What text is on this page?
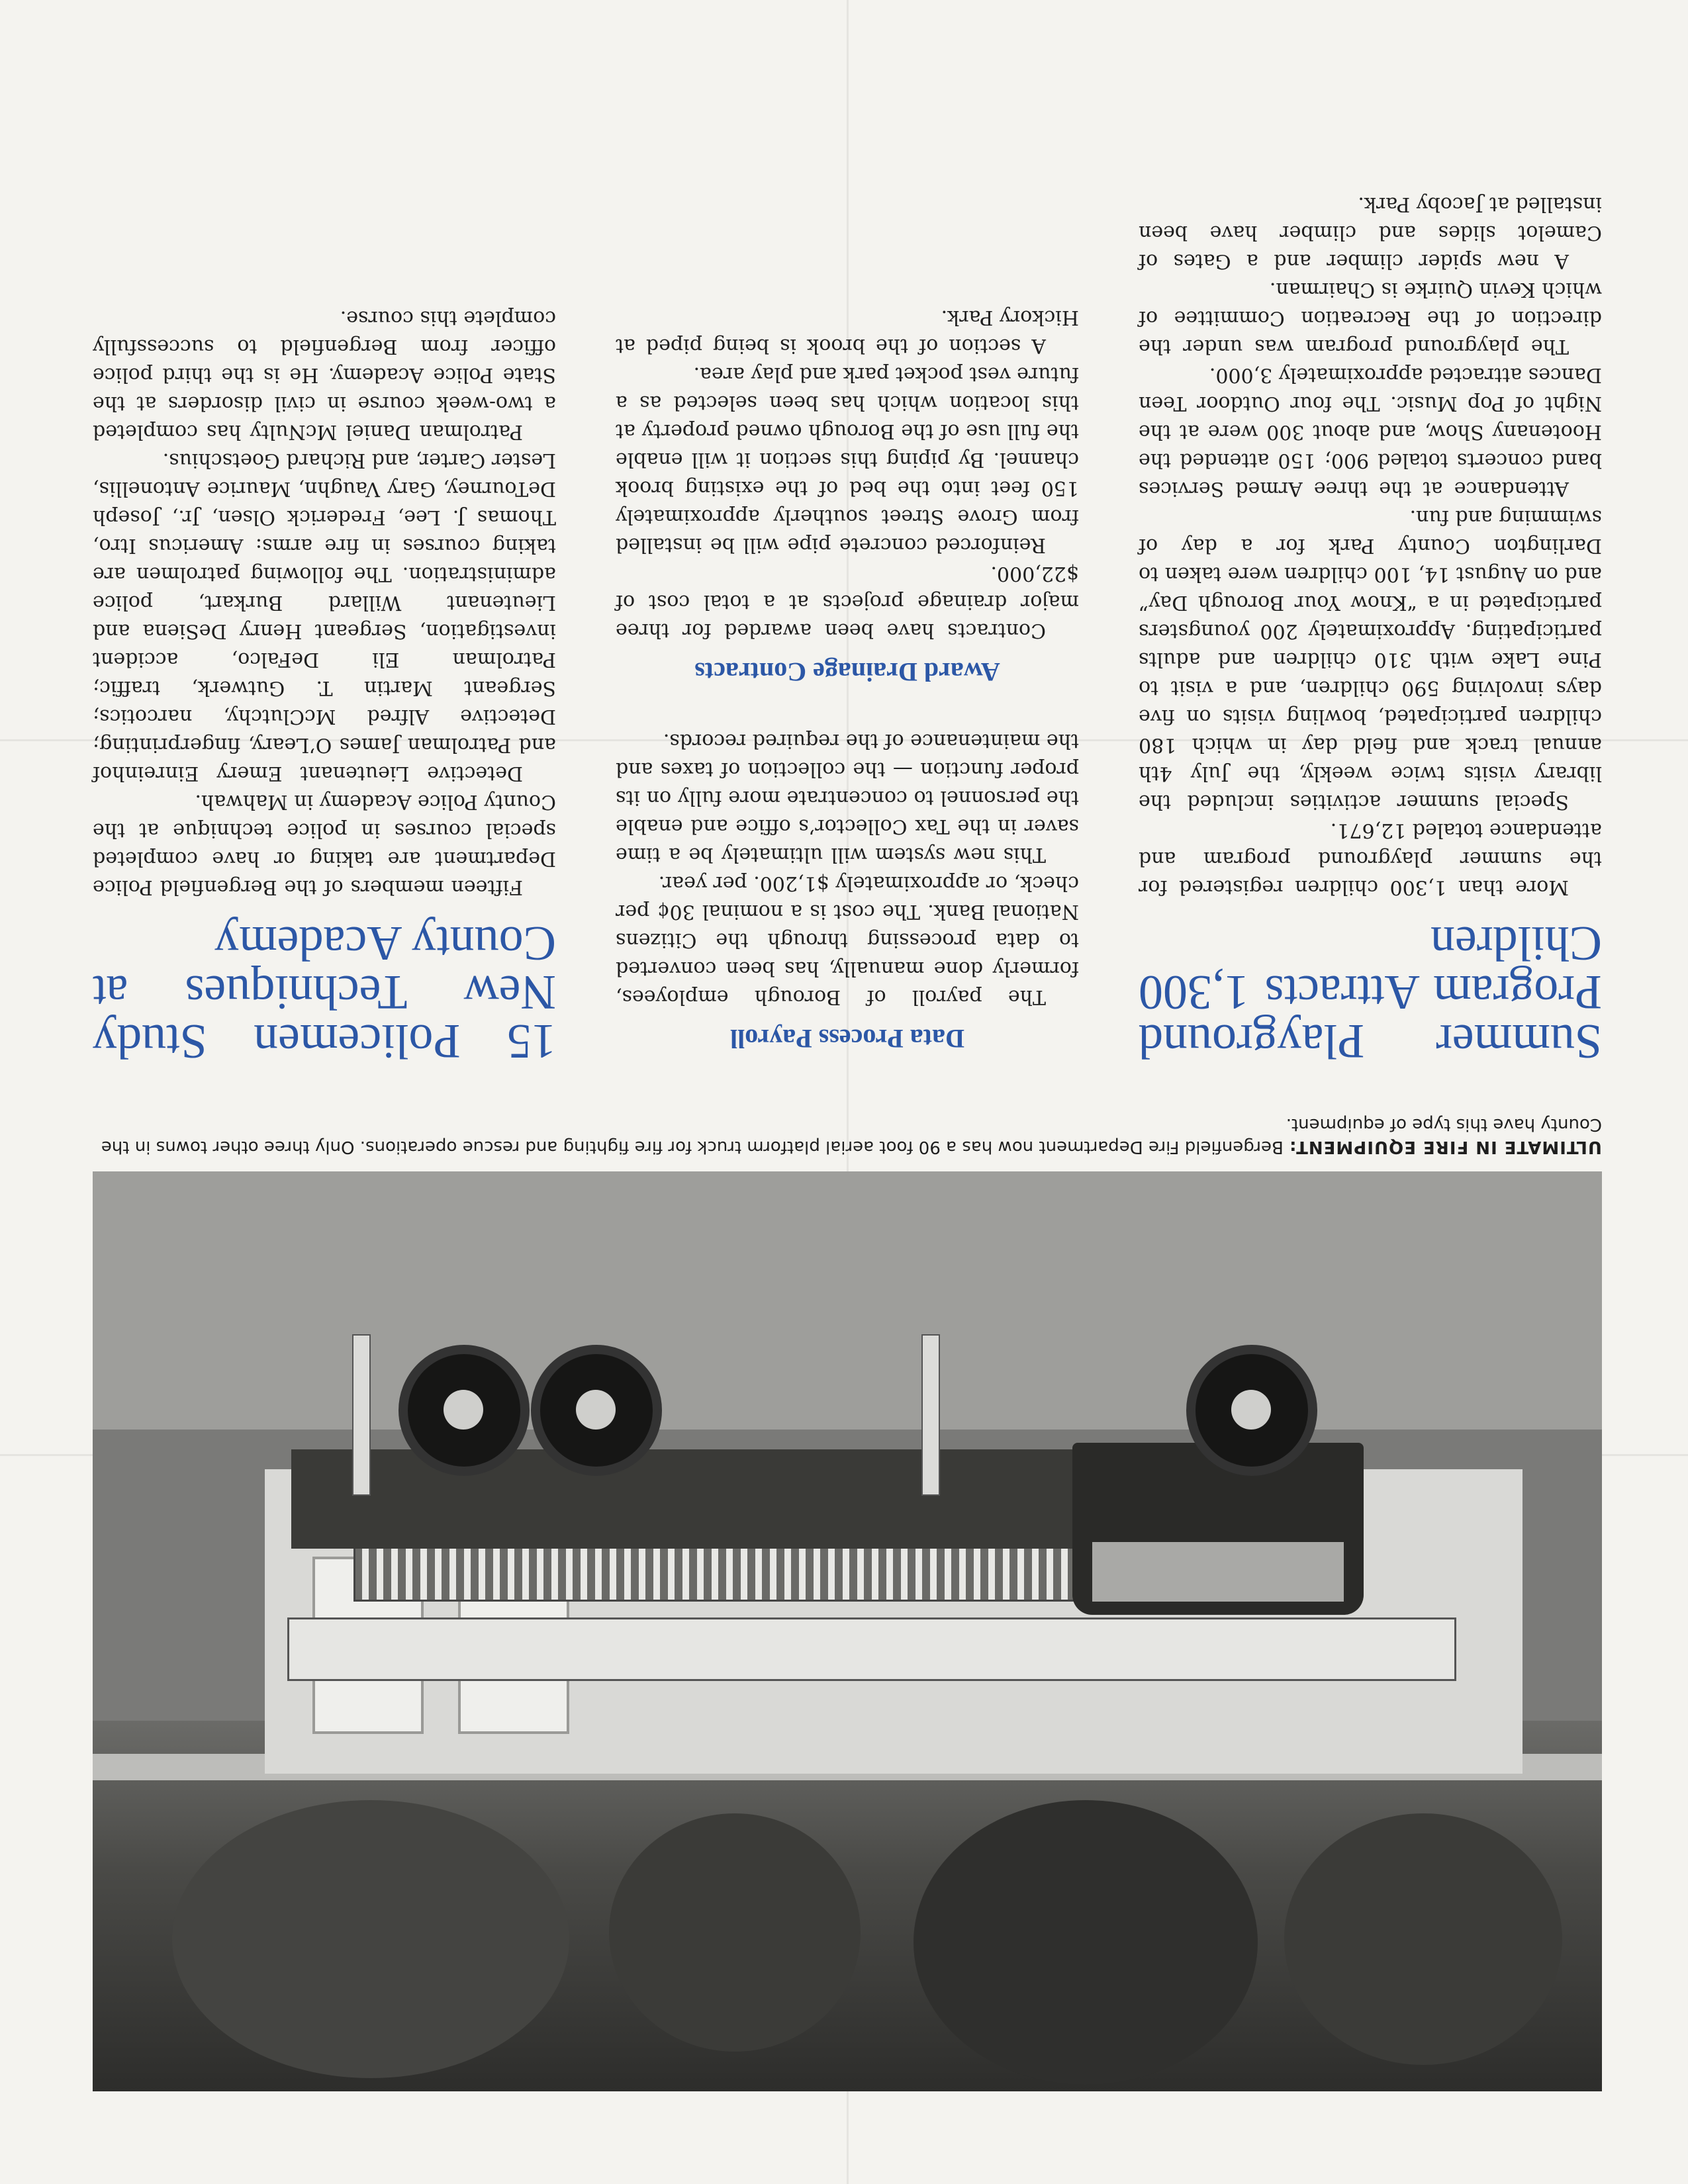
ULTIMATE IN FIRE EQUIPMENT: Bergenfield Fire Department now has a 90 foot aerial platform truck for fire fighting and rescue operations. Only three other towns in the County have this type of equipment.
Summer Playground Program Attracts 1,300 Children

More than 1,300 children registered for the summer playground program and attendance totaled 12,671.

Special summer activities included the library visits twice weekly, the July 4th annual track and field day in which 180 children participated, bowling visits on five days involving 590 children, and a visit to Pine Lake with 310 children and adults participating. Approximately 200 youngsters participated in a “Know Your Borough Day” and on August 14, 100 children were taken to Darlington County Park for a day of swimming and fun.

Attendance at the three Armed Services band concerts totaled 900; 150 attended the Hootenany Show, and about 300 were at the Night of Pop Music. The four Outdoor Teen Dances attracted approximately 3,000.

The playground program was under the direction of the Recreation Committee of which Kevin Quirke is Chairman.

A new spider climber and a Gates of Camelot slides and climber have been installed at Jacoby Park.

Data Process Payroll

The payroll of Borough employees, formerly done manually, has been converted to data processing through the Citizens National Bank. The cost is a nominal 30¢ per check, or approximately $1,200. per year.

This new system will ultimately be a time saver in the Tax Collector’s office and enable the personnel to concentrate more fully on its proper function — the collection of taxes and the maintenance of the required records.

Award Drainage Contracts

Contracts have been awarded for three major drainage projects at a total cost of $22,000.

Reinforced concrete pipe will be installed from Grove Street southerly approximately 150 feet into the bed of the existing brook channel. By piping this section it will enable the full use of the Borough owned property at this location which has been selected as a future vest pocket park and play area.

A section of the brook is being piped at Hickory Park.

15 Policemen Study New Techniques at County Academy

Fifteen members of the Bergenfield Police Department are taking or have completed special courses in police technique at the County Police Academy in Mahwah.

Detective Lieutenant Emery Einreinhof and Patrolman James O’Leary, fingerprinting; Detective Alfred McClutchy, narcotics; Sergeant Martin T. Gutwerk, traffic; Patrolman Eli DeFalco, accident investigation, Sergeant Henry DeSiena and Lieutenant Willard Burkart, police administration. The following patrolmen are taking courses in fire arms: Americus Itro, Thomas J. Lee, Frederick Olsen, Jr., Joseph DeTourney, Gary Vaughn, Maurice Antonellis, Lester Carter, and Richard Goetschius.

Patrolman Daniel McNulty has completed a two-week course in civil disorders at the State Police Academy. He is the third police officer from Bergenfield to successfully complete this course.
